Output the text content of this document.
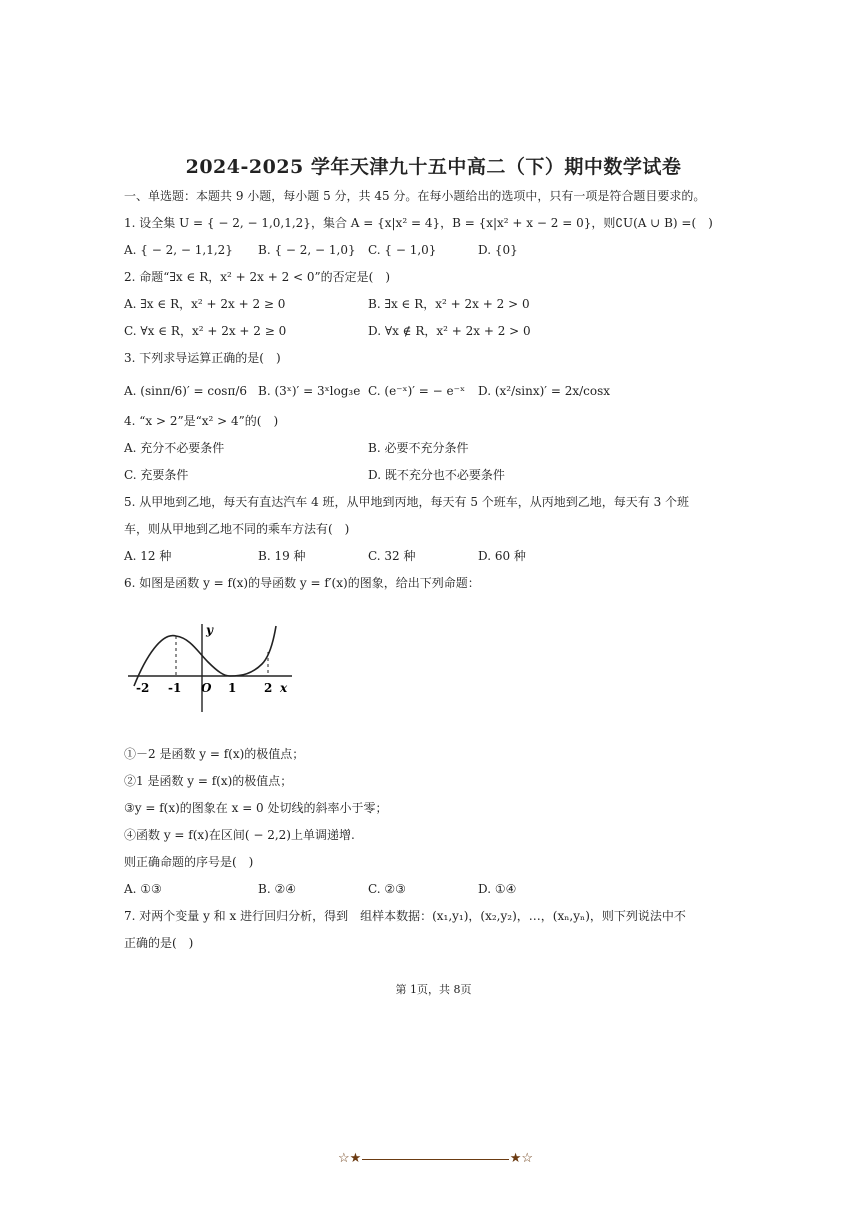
2024-2025 学年天津九十五中高二（下）期中数学试卷
一、单选题：本题共 9 小题，每小题 5 分，共 45 分。在每小题给出的选项中，只有一项是符合题目要求的。
1. 设全集 U = { − 2, − 1,0,1,2}，集合 A = {x|x² = 4}，B = {x|x² + x − 2 = 0}，则∁U(A ∪ B) =(　)
A. { − 2, − 1,1,2} B. { − 2, − 1,0} C. { − 1,0}	D. {0}
2. 命题“∃x ∈ R，x² + 2x + 2 < 0”的否定是(　)
A. ∃x ∈ R，x² + 2x + 2 ≥ 0	B. ∃x ∈ R，x² + 2x + 2 > 0
C. ∀x ∈ R，x² + 2x + 2 ≥ 0	D. ∀x ∉ R，x² + 2x + 2 > 0
3. 下列求导运算正确的是(　)
A. (sinπ/6)′ = cosπ/6 B. (3ˣ)′ = 3ˣlog₃e C. (e⁻ˣ)′ = − e⁻ˣ D. (x²/sinx)′ = 2x/cosx
4. “x > 2”是“x² > 4”的(　)
A. 充分不必要条件	B. 必要不充分条件
C. 充要条件	D. 既不充分也不必要条件
5. 从甲地到乙地，每天有直达汽车 4 班，从甲地到丙地，每天有 5 个班车，从丙地到乙地，每天有 3 个班
车，则从甲地到乙地不同的乘车方法有(　)
A. 12 种	B. 19 种	C. 32 种	D. 60 种
6. 如图是函数 y = f(x)的导函数 y = f′(x)的图象，给出下列命题：
y
x
O
-2 -1	1 2
①－2 是函数 y = f(x)的极值点；
②1 是函数 y = f(x)的极值点；
③y = f(x)的图象在 x = 0 处切线的斜率小于零；
④函数 y = f(x)在区间( − 2,2)上单调递增.
则正确命题的序号是(　)
A. ①③	B. ②④	C. ②③	D. ①④
7. 对两个变量 y 和 x 进行回归分析，得到　组样本数据：(x₁,y₁)，(x₂,y₂)，…，(xₙ,yₙ)，则下列说法中不
正确的是(　)
第 1页，共 8页
☆★	★☆
